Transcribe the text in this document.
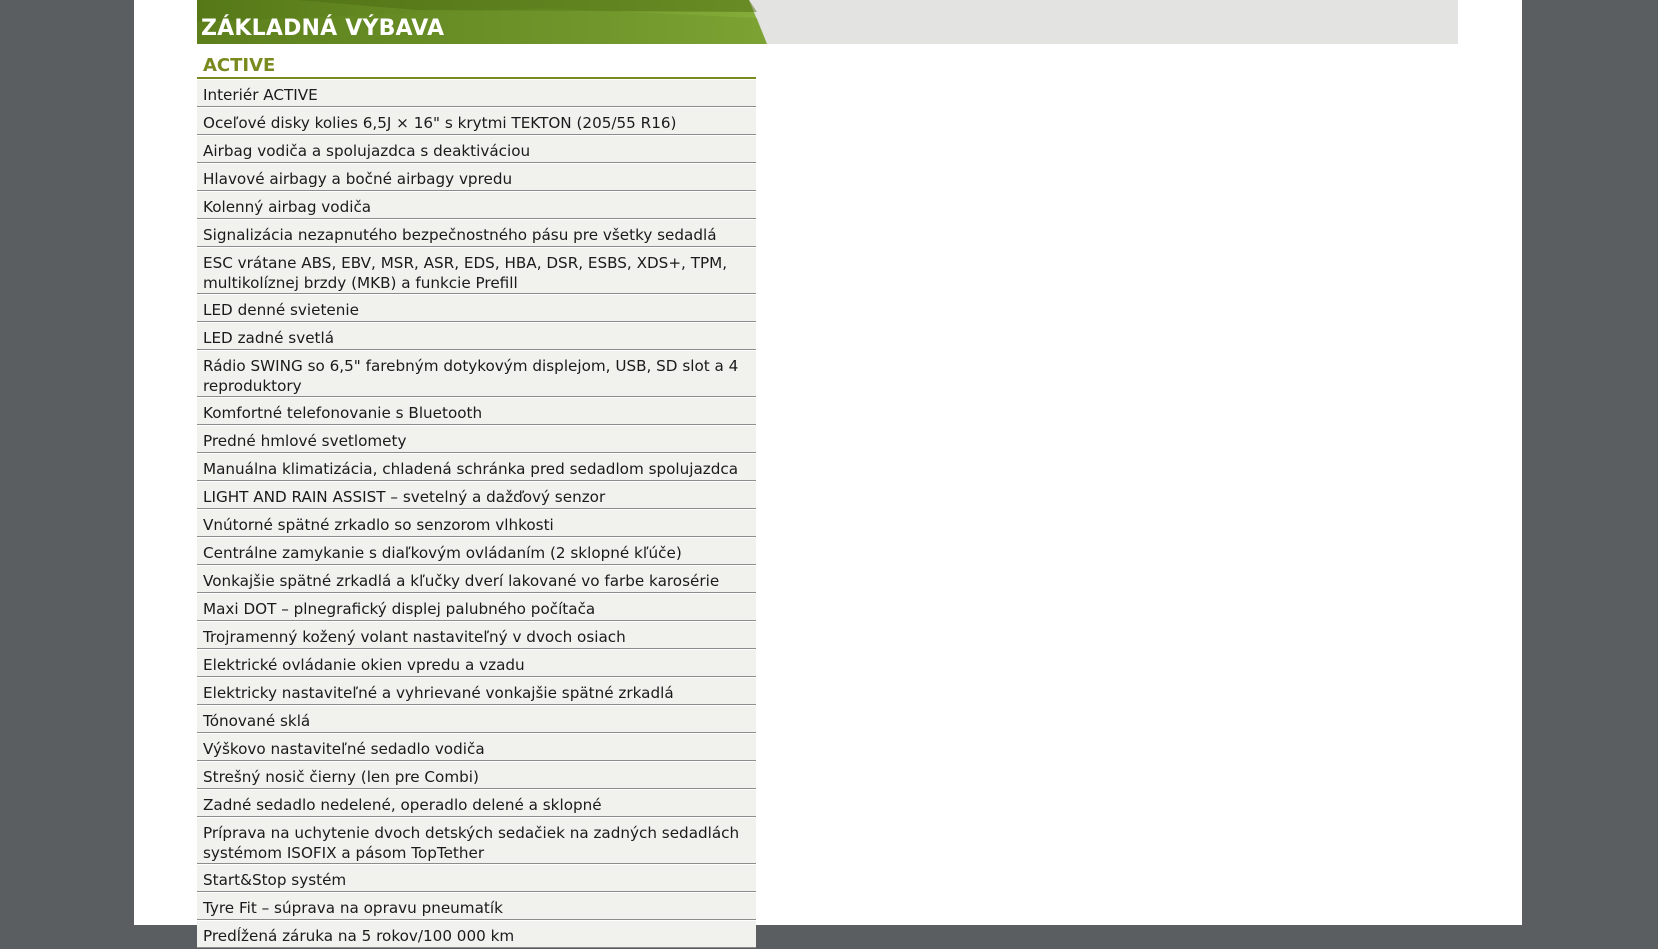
ZÁKLADNÁ VÝBAVA
ACTIVE
Interiér ACTIVE
Oceľové disky kolies 6,5J × 16" s krytmi TEKTON (205/55 R16)
Airbag vodiča a spolujazdca s deaktiváciou
Hlavové airbagy a bočné airbagy vpredu
Kolenný airbag vodiča
Signalizácia nezapnutého bezpečnostného pásu pre všetky sedadlá
ESC vrátane ABS, EBV, MSR, ASR, EDS, HBA, DSR, ESBS, XDS+, TPM, multikolíznej brzdy (MKB) a funkcie Prefill
LED denné svietenie
LED zadné svetlá
Rádio SWING so 6,5" farebným dotykovým displejom, USB, SD slot a 4 reproduktory
Komfortné telefonovanie s Bluetooth
Predné hmlové svetlomety
Manuálna klimatizácia, chladená schránka pred sedadlom spolujazdca
LIGHT AND RAIN ASSIST – svetelný a dažďový senzor
Vnútorné spätné zrkadlo so senzorom vlhkosti
Centrálne zamykanie s diaľkovým ovládaním (2 sklopné kľúče)
Vonkajšie spätné zrkadlá a kľučky dverí lakované vo farbe karosérie
Maxi DOT – plnegrafický displej palubného počítača
Trojramenný kožený volant nastaviteľný v dvoch osiach
Elektrické ovládanie okien vpredu a vzadu
Elektricky nastaviteľné a vyhrievané vonkajšie spätné zrkadlá
Tónované sklá
Výškovo nastaviteľné sedadlo vodiča
Strešný nosič čierny (len pre Combi)
Zadné sedadlo nedelené, operadlo delené a sklopné
Príprava na uchytenie dvoch detských sedačiek na zadných sedadlách systémom ISOFIX a pásom TopTether
Start&Stop systém
Tyre Fit – súprava na opravu pneumatík
Predĺžená záruka na 5 rokov/100 000 km
